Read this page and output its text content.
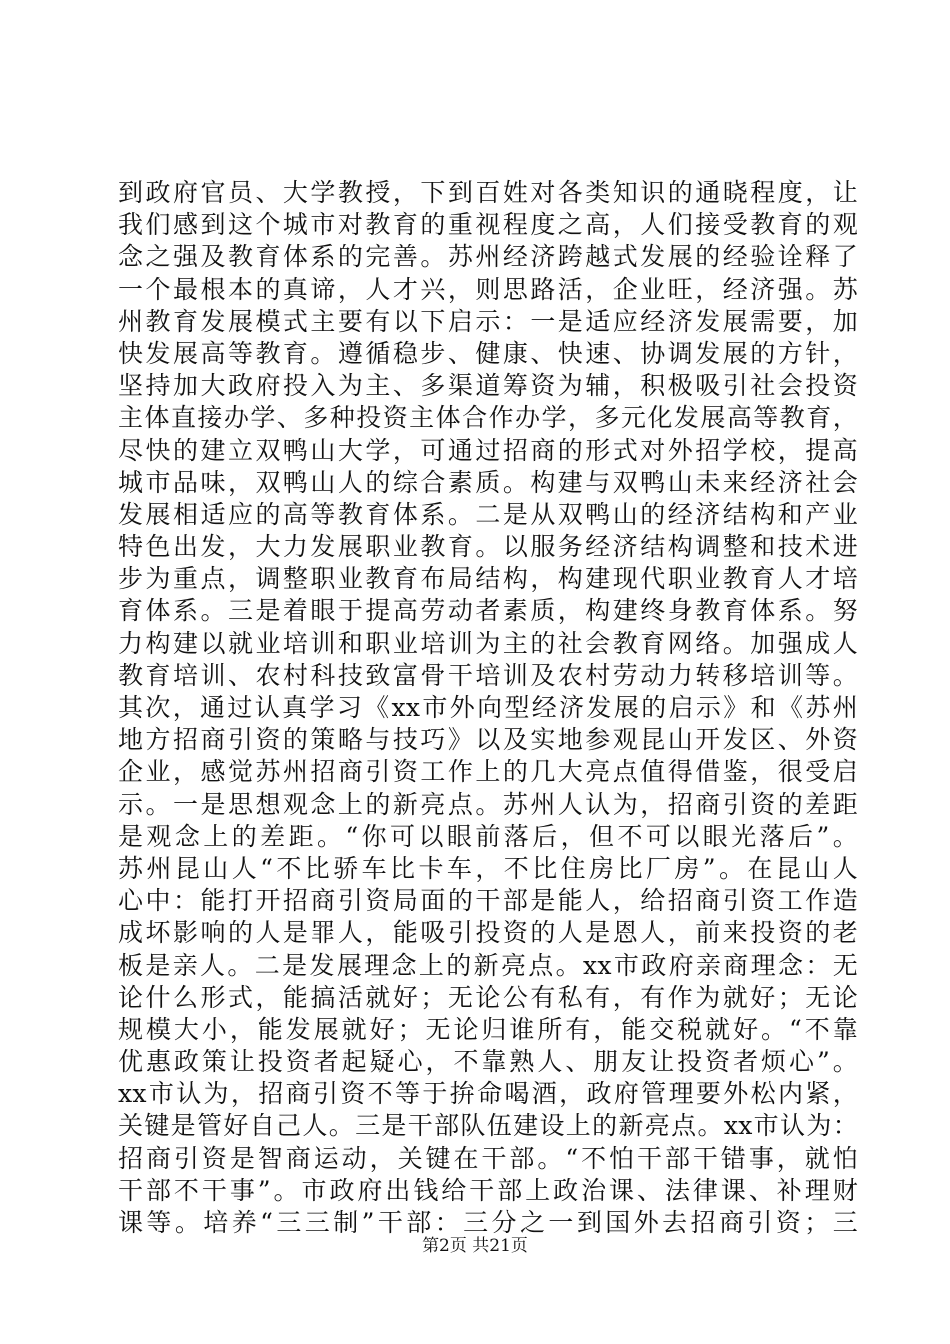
到政府官员、大学教授，下到百姓对各类知识的通晓程度，让
我们感到这个城市对教育的重视程度之高，人们接受教育的观
念之强及教育体系的完善。苏州经济跨越式发展的经验诠释了
一个最根本的真谛，人才兴，则思路活，企业旺，经济强。苏
州教育发展模式主要有以下启示：一是适应经济发展需要，加
快发展高等教育。遵循稳步、健康、快速、协调发展的方针，
坚持加大政府投入为主、多渠道筹资为辅，积极吸引社会投资
主体直接办学、多种投资主体合作办学，多元化发展高等教育，
尽快的建立双鸭山大学，可通过招商的形式对外招学校，提高
城市品味，双鸭山人的综合素质。构建与双鸭山未来经济社会
发展相适应的高等教育体系。二是从双鸭山的经济结构和产业
特色出发，大力发展职业教育。以服务经济结构调整和技术进
步为重点，调整职业教育布局结构，构建现代职业教育人才培
育体系。三是着眼于提高劳动者素质，构建终身教育体系。努
力构建以就业培训和职业培训为主的社会教育网络。加强成人
教育培训、农村科技致富骨干培训及农村劳动力转移培训等。
其次，通过认真学习《xx市外向型经济发展的启示》和《苏州
地方招商引资的策略与技巧》以及实地参观昆山开发区、外资
企业，感觉苏州招商引资工作上的几大亮点值得借鉴，很受启
示。一是思想观念上的新亮点。苏州人认为，招商引资的差距
是观念上的差距。“你可以眼前落后，但不可以眼光落后”。
苏州昆山人“不比骄车比卡车，不比住房比厂房”。在昆山人
心中：能打开招商引资局面的干部是能人，给招商引资工作造
成坏影响的人是罪人，能吸引投资的人是恩人，前来投资的老
板是亲人。二是发展理念上的新亮点。xx市政府亲商理念：无
论什么形式，能搞活就好；无论公有私有，有作为就好；无论
规模大小，能发展就好；无论归谁所有，能交税就好。“不靠
优惠政策让投资者起疑心，不靠熟人、朋友让投资者烦心”。
xx市认为，招商引资不等于拚命喝酒，政府管理要外松内紧，
关键是管好自己人。三是干部队伍建设上的新亮点。xx市认为：
招商引资是智商运动，关键在干部。“不怕干部干错事，就怕
干部不干事”。市政府出钱给干部上政治课、法律课、补理财
课等。培养“三三制”干部：三分之一到国外去招商引资；三
第2页 共21页
